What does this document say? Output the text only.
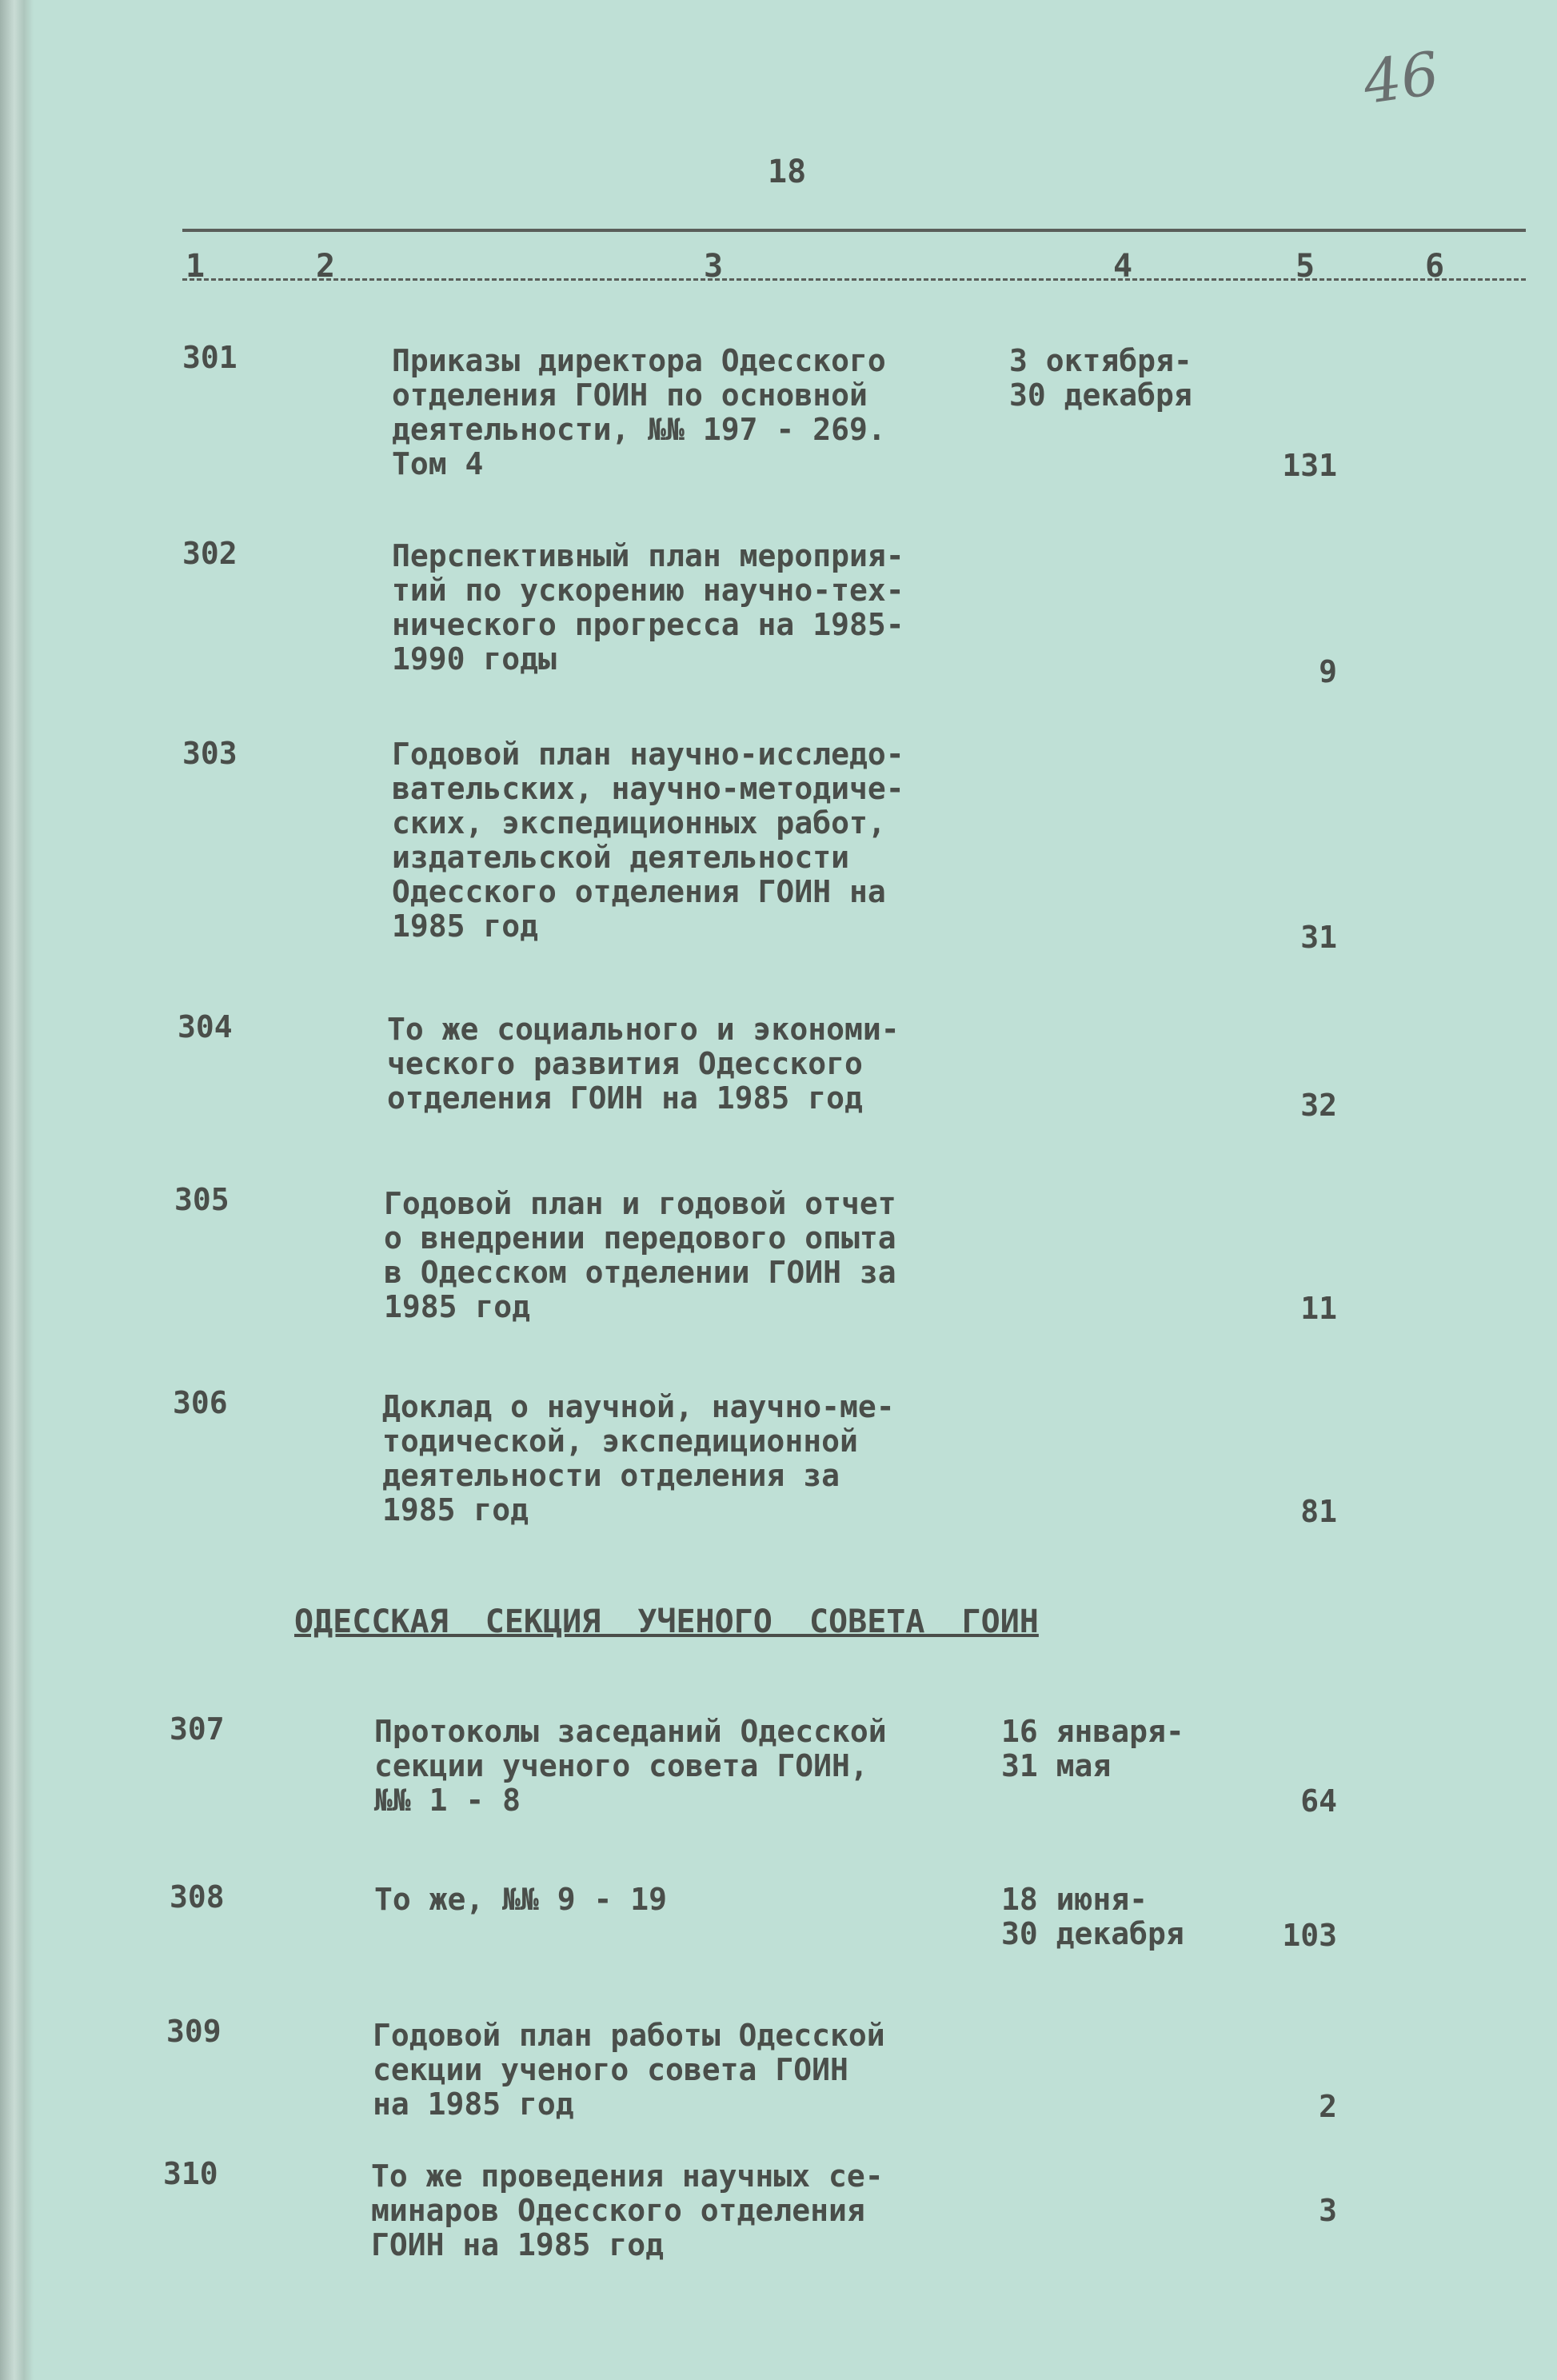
46
18
1	2	3	4	5	6
301	Приказы директора Одесского
отделения ГОИН по основной
деятельности, №№ 197 - 269.
Том 4
3 октября-
30 декабря
131
302	Перспективный план мероприя-
тий по ускорению научно-тех-
нического прогресса на 1985-
1990 годы	9
303	Годовой план научно-исследо-
вательских, научно-методиче-
ских, экспедиционных работ,
издательской деятельности
Одесского отделения ГОИН на
1985 год	31
304	То же социального и экономи-
ческого развития Одесского
отделения ГОИН на 1985 год	32
305	Годовой план и годовой отчет
о внедрении передового опыта
в Одесском отделении ГОИН за
1985 год	11
306	Доклад о научной, научно-ме-
тодической, экспедиционной
деятельности отделения за
1985 год	81
ОДЕССКАЯ СЕКЦИЯ УЧЕНОГО СОВЕТА ГОИН
307	Протоколы заседаний Одесской
секции ученого совета ГОИН,
№№ 1 - 8
16 января-
31 мая
64
308	То же, №№ 9 - 19	18 июня-
30 декабря	103
309	Годовой план работы Одесской
секции ученого совета ГОИН
на 1985 год	2
310	То же проведения научных се-
минаров Одесского отделения
ГОИН на 1985 год
3
